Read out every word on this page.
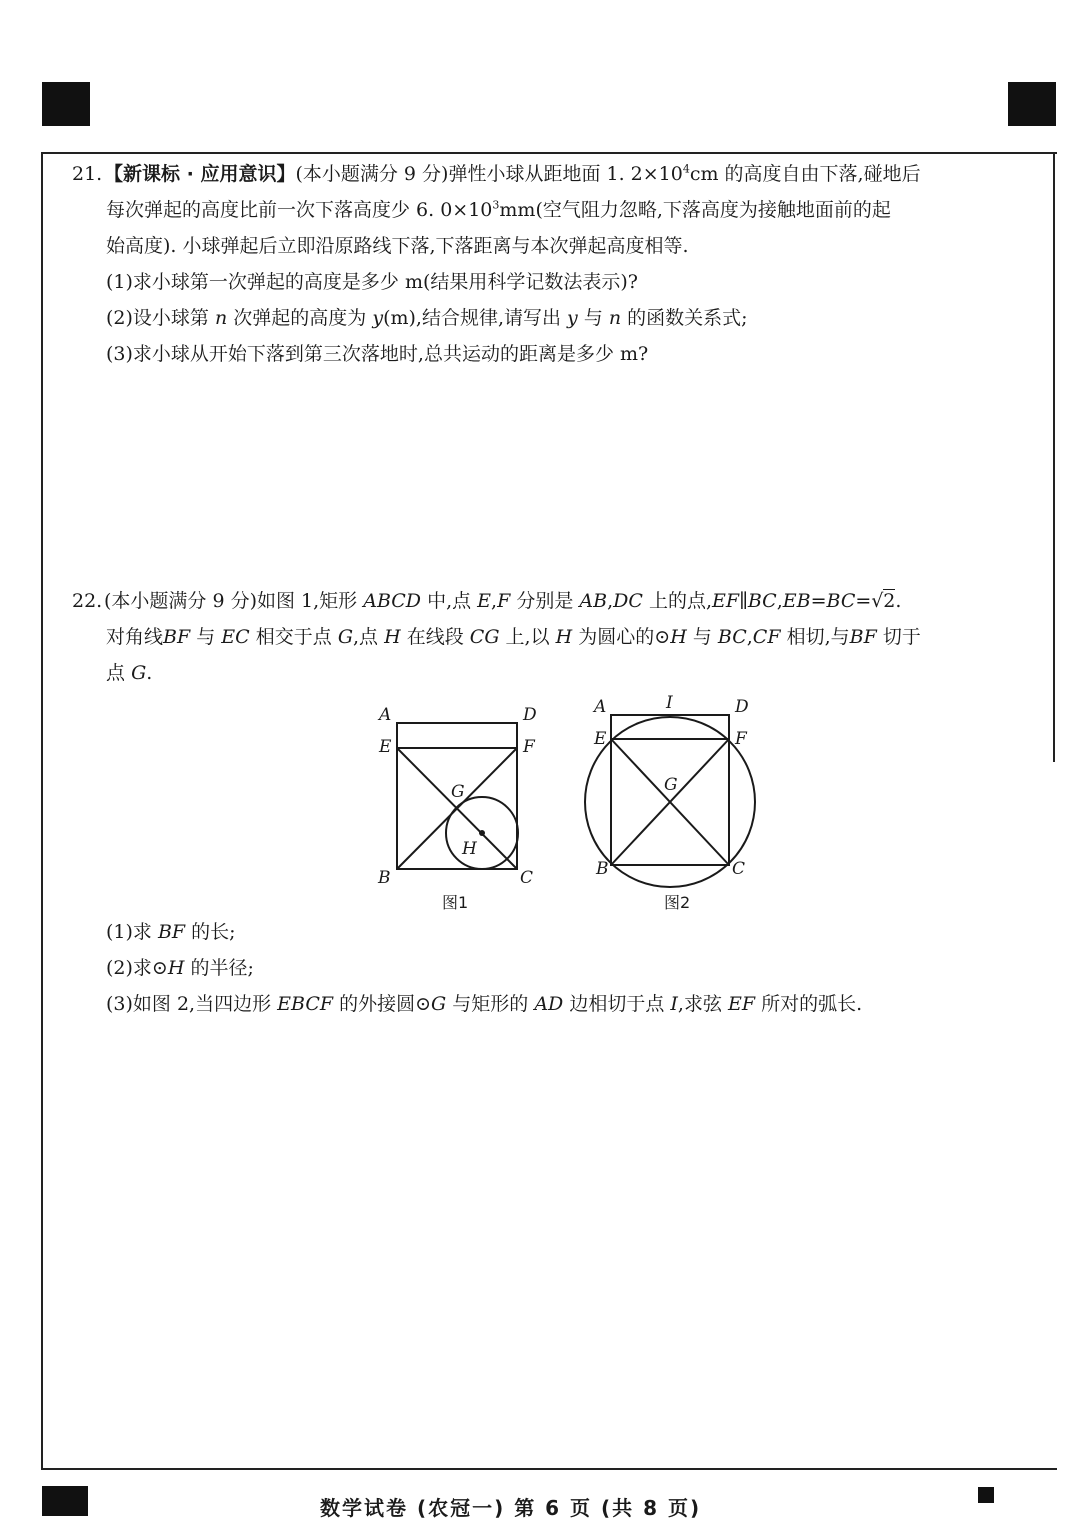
21.【新课标 · 应用意识】(本小题满分 9 分)弹性小球从距地面 1. $2\times 10^4cm$ 的高度自由下落,碰地后

每次弹起的高度比前一次下落高度少 6. $0\times 10^3mm$(空气阻力忽略,下落高度为接触地面前的起

始高度). 小球弹起后立即沿原路线下落,下落距离与本次弹起高度相等.

(1)求小球第一次弹起的高度是多少 m(结果用科学记数法表示)?

(2)设小球第 n 次弹起的高度为 y(m),结合规律,请写出 y 与 n 的函数关系式;

(3)求小球从开始下落到第三次落地时,总共运动的距离是多少 m?

22.(本小题满分 9 分)如图 1,矩形 ABCD 中,点 E,F 分别是 AB,DC 上的点,EF∥BC,EB=BC=√ 2.

对角线BF 与 EC 相交于点 G,点 H 在线段 CG 上,以 H 为圆心的⊙H 与 BC,CF 相切,与BF 切于

点 G.

A	D
E	F
G
H
B	C
图1
A	I	D
E	F
G
B	C
图2

(1)求 BF 的长;

(2)求⊙H 的半径;

(3)如图 2,当四边形 EBCF 的外接圆⊙G 与矩形的 AD 边相切于点 I,求弦 EF 所对的弧长.

数学试卷 (农冠一) 第 6 页 (共 8 页)
